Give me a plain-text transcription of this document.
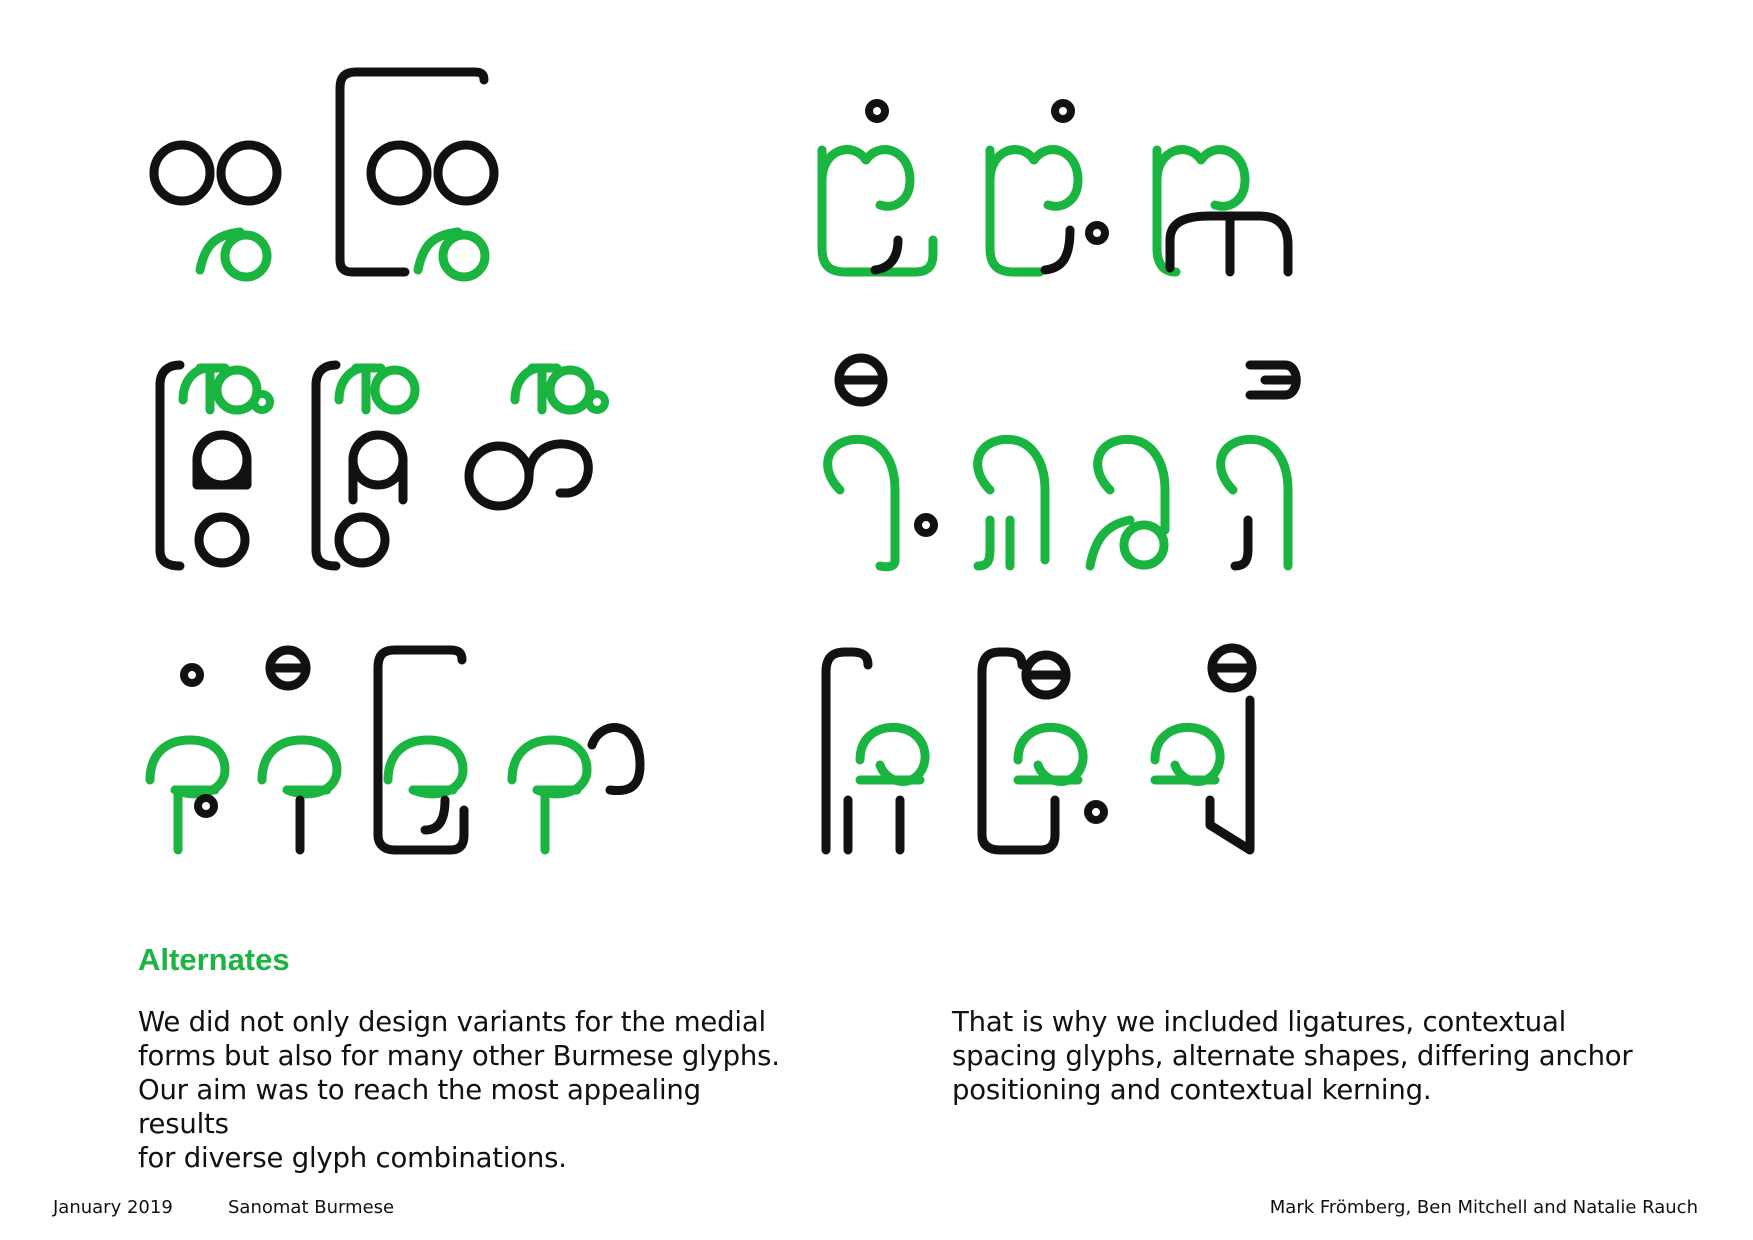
Alternates

We did not only design variants for the medial

forms but also for many other Burmese glyphs.

Our aim was to reach the most appealing results

for diverse glyph combinations.

That is why we included ligatures, contextual

spacing glyphs, alternate shapes, differing anchor

positioning and contextual kerning.

January 2019	Sanomat Burmese	Mark Frömberg, Ben Mitchell and Natalie Rauch
